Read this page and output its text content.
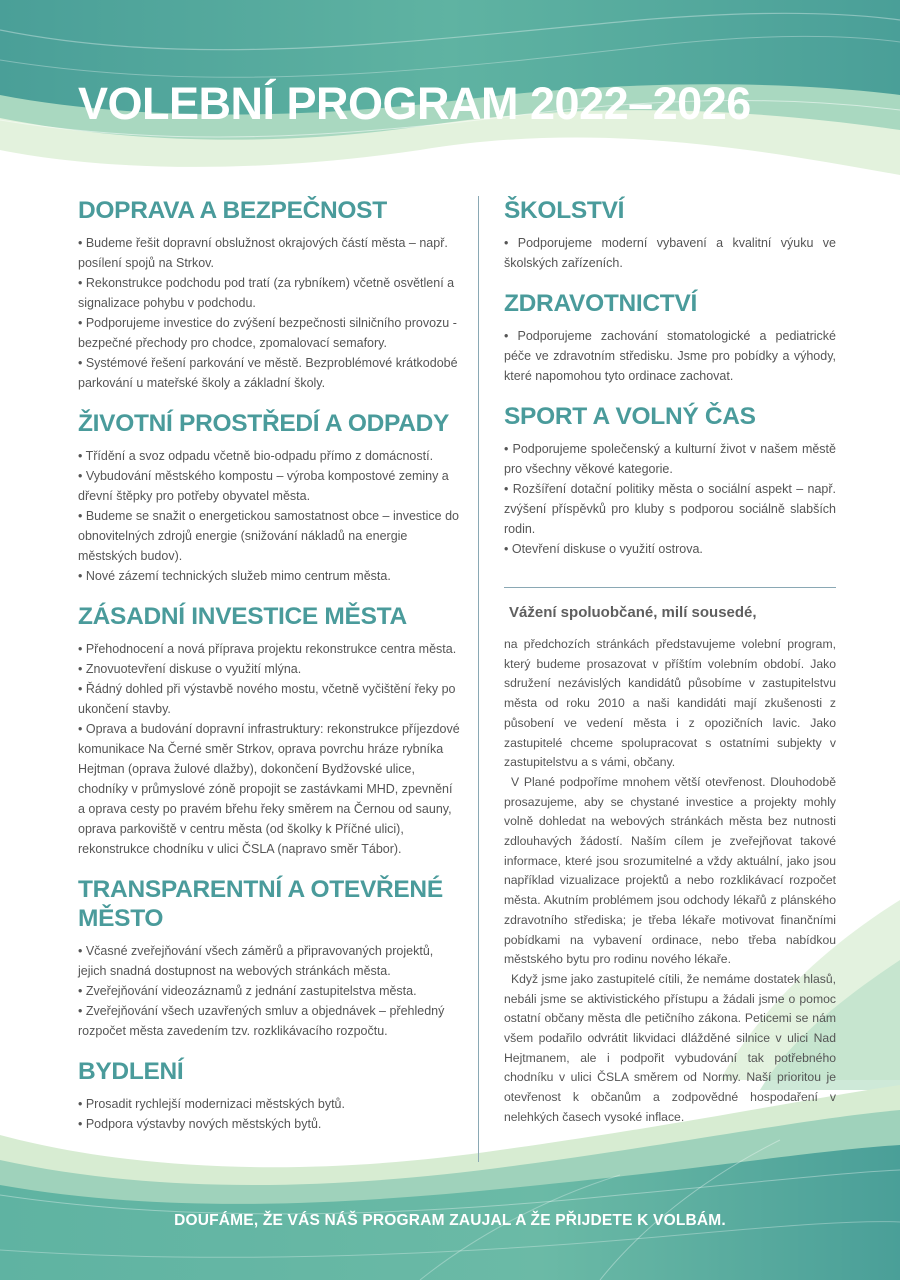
VOLEBNÍ PROGRAM 2022–2026
DOPRAVA A BEZPEČNOST
• Budeme řešit dopravní obslužnost okrajových částí města – např. posílení spojů na Strkov.
• Rekonstrukce podchodu pod tratí (za rybníkem) včetně osvětlení a signalizace pohybu v podchodu.
• Podporujeme investice do zvýšení bezpečnosti silničního provozu - bezpečné přechody pro chodce, zpomalovací semafory.
• Systémové řešení parkování ve městě. Bezproblémové krátkodobé parkování u mateřské školy a základní školy.
ŽIVOTNÍ PROSTŘEDÍ A ODPADY
• Třídění a svoz odpadu včetně bio-odpadu přímo z domácností.
• Vybudování městského kompostu – výroba kompostové zeminy a dřevní štěpky pro potřeby obyvatel města.
• Budeme se snažit o energetickou samostatnost obce – investice do obnovitelných zdrojů energie (snižování nákladů na energie městských budov).
• Nové zázemí technických služeb mimo centrum města.
ZÁSADNÍ INVESTICE MĚSTA
• Přehodnocení a nová příprava projektu rekonstrukce centra města.
• Znovuotevření diskuse o využití mlýna.
• Řádný dohled při výstavbě nového mostu, včetně vyčištění řeky po ukončení stavby.
• Oprava a budování dopravní infrastruktury: rekonstrukce příjezdové komunikace Na Černé směr Strkov, oprava povrchu hráze rybníka Hejtman (oprava žulové dlažby), dokončení Bydžovské ulice, chodníky v průmyslové zóně propojit se zastávkami MHD, zpevnění a oprava cesty po pravém břehu řeky směrem na Černou od sauny, oprava parkoviště v centru města (od školky k Příčné ulici), rekonstrukce chodníku v ulici ČSLA (napravo směr Tábor).
TRANSPARENTNÍ A OTEVŘENÉ MĚSTO
• Včasné zveřejňování všech záměrů a připravovaných projektů, jejich snadná dostupnost na webových stránkách města.
• Zveřejňování videozáznamů z jednání zastupitelstva města.
• Zveřejňování všech uzavřených smluv a objednávek – přehledný rozpočet města zavedením tzv. rozklikávacího rozpočtu.
BYDLENÍ
• Prosadit rychlejší modernizaci městských bytů.
• Podpora výstavby nových městských bytů.
ŠKOLSTVÍ
• Podporujeme moderní vybavení a kvalitní výuku ve školských zařízeních.
ZDRAVOTNICTVÍ
• Podporujeme zachování stomatologické a pediatrické péče ve zdravotním středisku. Jsme pro pobídky a výhody, které napomohou tyto ordinace zachovat.
SPORT A VOLNÝ ČAS
• Podporujeme společenský a kulturní život v našem městě pro všechny věkové kategorie.
• Rozšíření dotační politiky města o sociální aspekt – např. zvýšení příspěvků pro kluby s podporou sociálně slabších rodin.
• Otevření diskuse o využití ostrova.
Vážení spoluobčané, milí sousedé,

na předchozích stránkách představujeme volební program, který budeme prosazovat v příštím volebním období. Jako sdružení nezávislých kandidátů působíme v zastupitelstvu města od roku 2010 a naši kandidáti mají zkušenosti z působení ve vedení města i z opozičních lavic. Jako zastupitelé chceme spolupracovat s ostatními subjekty v zastupitelstvu a s vámi, občany.

V Plané podpoříme mnohem větší otevřenost. Dlouhodobě prosazujeme, aby se chystané investice a projekty mohly volně dohledat na webových stránkách města bez nutnosti zdlouhavých žádostí. Naším cílem je zveřejňovat takové informace, které jsou srozumitelné a vždy aktuální, jako jsou například vizualizace projektů a nebo rozklikávací rozpočet města. Akutním problémem jsou odchody lékařů z plánského zdravotního střediska; je třeba lékaře motivovat finančními pobídkami na vybavení ordinace, nebo třeba nabídkou městského bytu pro rodinu nového lékaře.

Když jsme jako zastupitelé cítili, že nemáme dostatek hlasů, nebáli jsme se aktivistického přístupu a žádali jsme o pomoc ostatní občany města dle petičního zákona. Peticemi se nám všem podařilo odvrátit likvidaci dlážděné silnice v ulici Nad Hejtmanem, ale i podpořit vybudování tak potřebného chodníku v ulici ČSLA směrem od Normy. Naší prioritou je otevřenost k občanům a zodpovědné hospodaření v nelehkých časech vysoké inflace.

DOUFÁME, ŽE VÁS NÁŠ PROGRAM ZAUJAL A ŽE PŘIJDETE K VOLBÁM.
